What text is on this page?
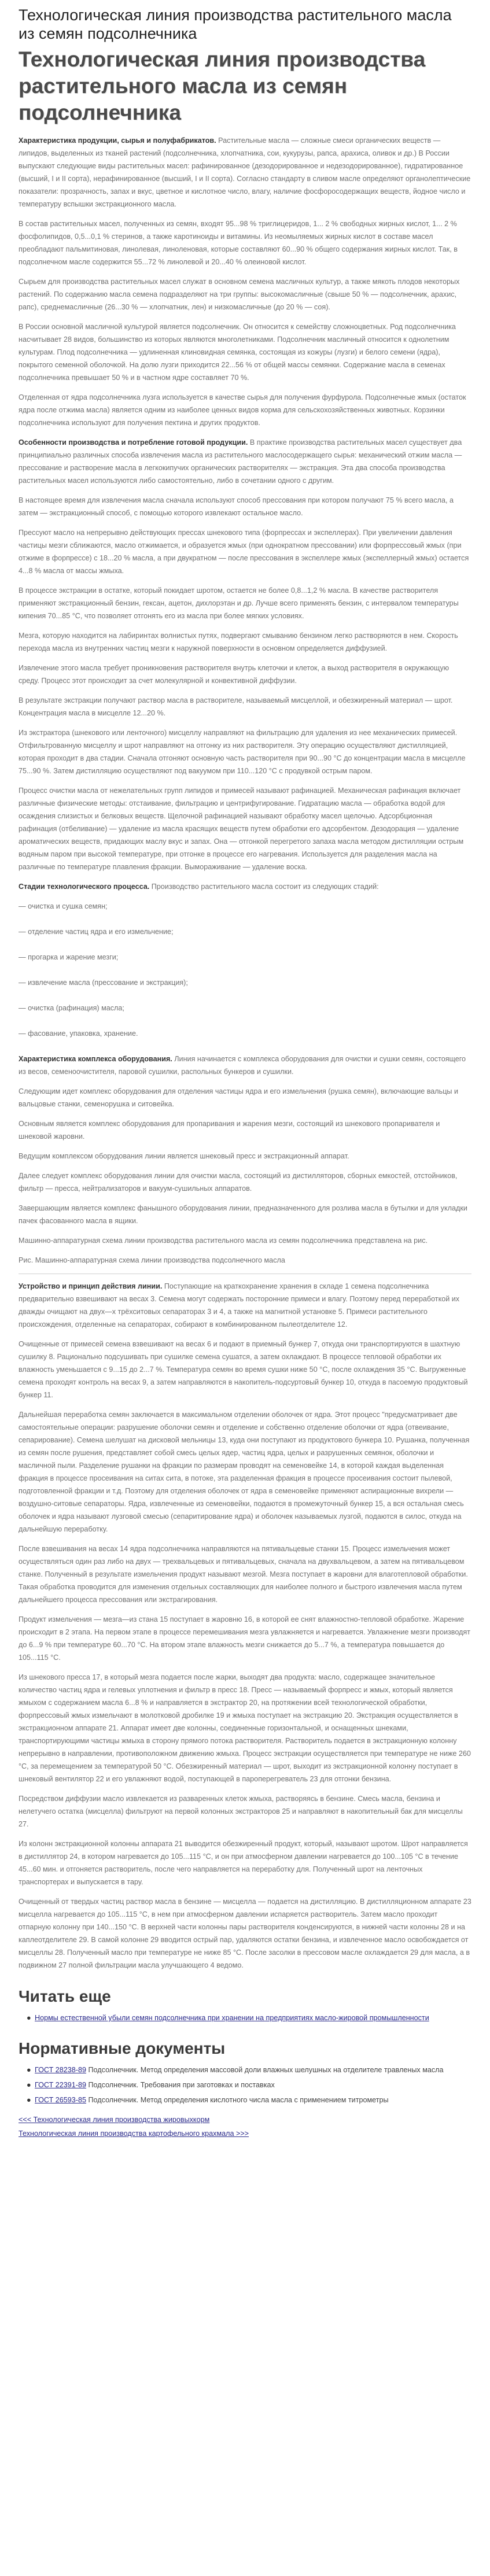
Технологическая линия производства растительного масла из семян подсолнечника
Технологическая линия производства растительного масла из семян подсолнечника

Характеристика продукции, сырья и полуфабрикатов. Растительные масла — сложные смеси органических веществ — липидов, выделенных из тканей растений (подсолнечника, хлопчатника, сои, кукурузы, рапса, арахиса, оливок и др.) В России выпускают следующие виды растительных масел: рафинированное (дезодорированное и недезодорированное), гидратированное (высший, I и II сорта), нерафинированное (высший, I и II сорта). Согласно стандарту в сливом масле определяют органолептические показатели: прозрачность, запах и вкус, цветное и кислотное число, влагу, наличие фосфоросодержащих веществ, йодное число и температуру вспышки экстракционного масла.

В состав растительных масел, полученных из семян, входят 95...98 % триглицеридов, 1... 2 % свободных жирных кислот, 1... 2 % фосфолипидов, 0,5...0,1 % стеринов, а также каротиноиды и витамины. Из неомыляемых жирных кислот в составе масел преобладают пальмитиновая, линолевая, линоленовая, которые составляют 60...90 % общего содержания жирных кислот. Так, в подсолнечном масле содержится 55...72 % линолевой и 20...40 % олеиновой кислот.

Сырьем для производства растительных масел служат в основном семена масличных культур, а также мякоть плодов некоторых растений. По содержанию масла семена подразделяют на три группы: высокомасличные (свыше 50 % — подсолнечник, арахис, рапс), среднемасличные (26...30 % — хлопчатник, лен) и низкомасличные (до 20 % — соя).

В России основной масличной культурой является подсолнечник. Он относится к семейству сложноцветных. Род подсолнечника насчитывает 28 видов, большинство из которых являются многолетниками. Подсолнечник масличный относится к однолетним культурам. Плод подсолнечника — удлиненная клиновидная семянка, состоящая из кожуры (лузги) и белого семени (ядра), покрытого семенной оболочкой. На долю лузги приходится 22...56 % от общей массы семянки. Содержание масла в семенах подсолнечника превышает 50 % и в частном ядре составляет 70 %.

Отделенная от ядра подсолнечника лузга используется в качестве сырья для получения фурфурола. Подсолнечные жмых (остаток ядра после отжима масла) является одним из наиболее ценных видов корма для сельскохозяйственных животных. Корзинки подсолнечника используют для получения пектина и других продуктов.

Особенности производства и потребление готовой продукции. В практике производства растительных масел существует два принципиально различных способа извлечения масла из растительного маслосодержащего сырья: механический отжим масла — прессование и растворение масла в легкокипучих органических растворителях — экстракция. Эта два способа производства растительных масел используются либо самостоятельно, либо в сочетании одного с другим.

В настоящее время для извлечения масла сначала используют способ прессования при котором получают 75 % всего масла, а затем — экстракционный способ, с помощью которого извлекают остальное масло.

Прессуют масло на непрерывно действующих прессах шнекового типа (форпрессах и экспеллерах). При увеличении давления частицы мезги сближаются, масло отжимается, и образуется жмых (при однократном прессовании) или форпрессовый жмых (при отжиме в форпрессе) с 18...20 % масла, а при двукратном — после прессования в экспеллере жмых (экспеллерный жмых) остается 4...8 % масла от массы жмыха.

В процессе экстракции в остатке, который покидает шротом, остается не более 0,8...1,2 % масла. В качестве растворителя применяют экстракционный бензин, гексан, ацетон, дихлорэтан и др. Лучше всего применять бензин, с интервалом температуры кипения 70...85 °С, что позволяет отгонять его из масла при более мягких условиях.

Мезга, которую находится на лабиринтах волнистых путях, подвергают смыванию бензином легко растворяются в нем. Скорость перехода масла из внутренних частиц мезги к наружной поверхности в основном определяется диффузией.

Извлечение этого масла требует проникновения растворителя внутрь клеточки и клеток, а выход растворителя в окружающую среду. Процесс этот происходит за счет молекулярной и конвективной диффузии.

В результате экстракции получают раствор масла в растворителе, называемый мисцеллой, и обезжиренный материал — шрот. Концентрация масла в мисцелле 12...20 %.

Из экстрактора (шнекового или ленточного) мисцеллу направляют на фильтрацию для удаления из нее механических примесей. Отфильтрованную мисцеллу и шрот направляют на отгонку из них растворителя. Эту операцию осуществляют дистилляцией, которая проходит в два стадии. Сначала отгоняют основную часть растворителя при 90...90 °С до концентрации масла в мисцелле 75...90 %. Затем дистилляцию осуществляют под вакуумом при 110...120 °С с продувкой острым паром.

Процесс очистки масла от нежелательных групп липидов и примесей называют рафинацией. Механическая рафинация включает различные физические методы: отстаивание, фильтрацию и центрифугирование. Гидратацию масла — обработка водой для осаждения слизистых и белковых веществ. Щелочной рафинацией называют обработку масел щелочью. Адсорбционная рафинация (отбеливание) — удаление из масла красящих веществ путем обработки его адсорбентом. Дезодорация — удаление ароматических веществ, придающих маслу вкус и запах. Она — отгонкой перегретого запаха масла методом дистилляции острым водяным паром при высокой температуре, при отгонке в процессе его нагревания. Используется для разделения масла на различные по температуре плавления фракции. Вымораживание — удаление воска.

Стадии технологического процесса. Производство растительного масла состоит из следующих стадий:

— очистка и сушка семян;

— отделение частиц ядра и его измельчение;

— прогарка и жарение мезги;

— извлечение масла (прессование и экстракция);

— очистка (рафинация) масла;

— фасование, упаковка, хранение.

Характеристика комплекса оборудования. Линия начинается с комплекса оборудования для очистки и сушки семян, состоящего из весов, семеноочистителя, паровой сушилки, распольных бункеров и сушилки.

Следующим идет комплекс оборудования для отделения частицы ядра и его измельчения (рушка семян), включающие вальцы и вальцовые станки, семенорушка и ситовейка.

Основным является комплекс оборудования для пропаривания и жарения мезги, состоящий из шнекового пропаривателя и шнековой жаровни.

Ведущим комплексом оборудования линии является шнековый пресс и экстракционный аппарат.

Далее следует комплекс оборудования линии для очистки масла, состоящий из дистилляторов, сборных емкостей, отстойников, фильтр — пресса, нейтрализаторов и вакуум-сушильных аппаратов.

Завершающим является комплекс фанышного оборудования линии, предназначенного для розлива масла в бутылки и для укладки пачек фасованного масла в ящики.

Машинно-аппаратурная схема линии производства растительного масла из семян подсолнечника представлена на рис.

Рис. Машинно-аппаратурная схема линии производства подсолнечного масла

Устройство и принцип действия линии. Поступающие на краткохранение хранения в складе 1 семена подсолнечника предварительно взвешивают на весах 3. Семена могут содержать посторонние примеси и влагу. Поэтому перед переработкой их дважды очищают на двух—х трёхситовых сепараторах 3 и 4, а также на магнитной установке 5. Примеси растительного происхождения, отделенные на сепараторах, собирают в комбинированном пылеотделителе 12.

Очищенные от примесей семена взвешивают на весах 6 и подают в приемный бункер 7, откуда они транспортируются в шахтную сушилку 8. Рационально подсушивать при сушилке семена сушатся, а затем охлаждают. В процессе тепловой обработки их влажность уменьшается с 9...15 до 2...7 %. Температура семян во время сушки ниже 50 °С, после охлаждения 35 °С. Выгруженные семена проходят контроль на весах 9, а затем направляются в накопитель-подсуртовый бункер 10, откуда в пасоемую продуктовый бункер 11.

Дальнейшая переработка семян заключается в максимальном отделении оболочек от ядра. Этот процесс "предусматривает две самостоятельные операции: разрушение оболочки семян и отделение и собственно отделение оболочки от ядра (отвеивание, сепарирование). Семена шелушат на дисковой мельницы 13, куда они поступают из продуктового бункера 10. Рушанка, полученная из семян после рушения, представляет собой смесь целых ядер, частиц ядра, целых и разрушенных семянок, оболочки и масличной пыли. Разделение рушанки на фракции по размерам проводят на семеновейке 14, в которой каждая выделенная фракция в процессе просеивания на ситах сита, в потоке, эта разделенная фракция в процессе просеивания состоит пылевой, подготовленной фракции и т.д. Поэтому для отделения оболочек от ядра в семеновейке применяют аспирационные вихрели — воздушно-ситовые сепараторы. Ядра, извлеченные из семеновейки, подаются в промежуточный бункер 15, а вся остальная смесь оболочек и ядра называют лузговой смесью (сепаритирование ядра) и оболочек называемых лузгой, подаются в силос, откуда на дальнейшую переработку.

После взвешивания на весах 14 ядра подсолнечника направляются на пятивальцевые станки 15. Процесс измельчения может осуществляться один раз либо на двух — трехвальцевых и пятивальцевых, сначала на двухвальцевом, а затем на пятивальцевом станке. Полученный в результате измельчения продукт называют мезгой. Мезга поступает в жаровни для влаготепловой обработки. Такая обработка проводится для изменения отдельных составляющих для наиболее полного и быстрого извлечения масла путем дальнейшего процесса прессования или экстрагирования.

Продукт измельчения — мезга—из стана 15 поступает в жаровню 16, в которой ее снят влажностно-тепловой обработке. Жарение происходит в 2 этапа. На первом этапе в процессе перемешивания мезга увлажняется и нагревается. Увлажнение мезги производят до 6...9 % при температуре 60...70 °С. На втором этапе влажность мезги снижается до 5...7 %, а температура повышается до 105...115 °С.

Из шнекового пресса 17, в который мезга подается после жарки, выходят два продукта: масло, содержащее значительное количество частиц ядра и гелевых уплотнения и фильтр в пресс 18. Пресс — называемый форпресс и жмых, который является жмыхом с содержанием масла 6...8 % и направляется в экстрактор 20, на протяжении всей технологической обработки, форпрессовый жмых измельчают в молотковой дробилке 19 и жмыха поступает на экстракцию 20. Экстракция осуществляется в экстракционном аппарате 21. Аппарат имеет две колонны, соединенные горизонтальной, и оснащенных шнеками, транспортирующими частицы жмыха в сторону прямого потока растворителя. Растворитель подается в экстракционную колонну непрерывно в направлении, противоположном движению жмыха. Процесс экстракции осуществляется при температуре не ниже 260 °С, за перемещением за температурой 50 °С. Обезжиренный материал — шрот, выходит из экстракционной колонну поступает в шнековый вентилятор 22 и его увлажняют водой, поступающей в пароперегреватель 23 для отгонки бензина.

Посредством диффузии масло извлекается из разваренных клеток жмыха, растворяясь в бензине. Смесь масла, бензина и нелетучего остатка (мисцелла) фильтруют на первой колонных экстракторов 25 и направляют в накопительный бак для мисцеллы 27.

Из колонн экстракционной колонны аппарата 21 выводится обезжиренный продукт, который, называют шротом. Шрот направляется в дистиллятор 24, в котором нагревается до 105...115 °С, и он при атмосферном давлении нагревается до 100...105 °С в течение 45...60 мин. и отгоняется растворитель, после чего направляется на переработку для. Полученный шрот на ленточных транспортерах и выпускается в тару.

Очищенный от твердых частиц раствор масла в бензине — мисцелла — подается на дистилляцию. В дистилляционном аппарате 23 мисцелла нагревается до 105...115 °С, в нем при атмосферном давлении испаряется растворитель. Затем масло проходит отпарную колонну при 140...150 °С. В верхней части колонны пары растворителя конденсируются, в нижней части колонны 28 и на каплеотделителе 29. В самой колонне 29 вводится острый пар, удаляются остатки бензина, и извлеченное масло освобождается от мисцеллы 28. Полученный масло при температуре не ниже 85 °С. После засолки в прессовом масле охлаждается 29 для масла, а в подвижном 27 полной фильтрации масла улучшающего 4 ведомо.

Читать еще
● Нормы естественной убыли семян подсолнечника при хранении на предприятиях масло-жировой промышленности
Нормативные документы
● ГОСТ 28238-89 Подсолнечник. Метод определения массовой доли влажных шелушных на отделителе травленых масла
● ГОСТ 22391-89 Подсолнечник. Требования при заготовках и поставках
● ГОСТ 26593-85 Подсолнечник. Метод определения кислотного числа масла с применением титрометры
<<< Технологическая линия производства жировыхкорм
Технологическая линия производства картофельного крахмала >>>
